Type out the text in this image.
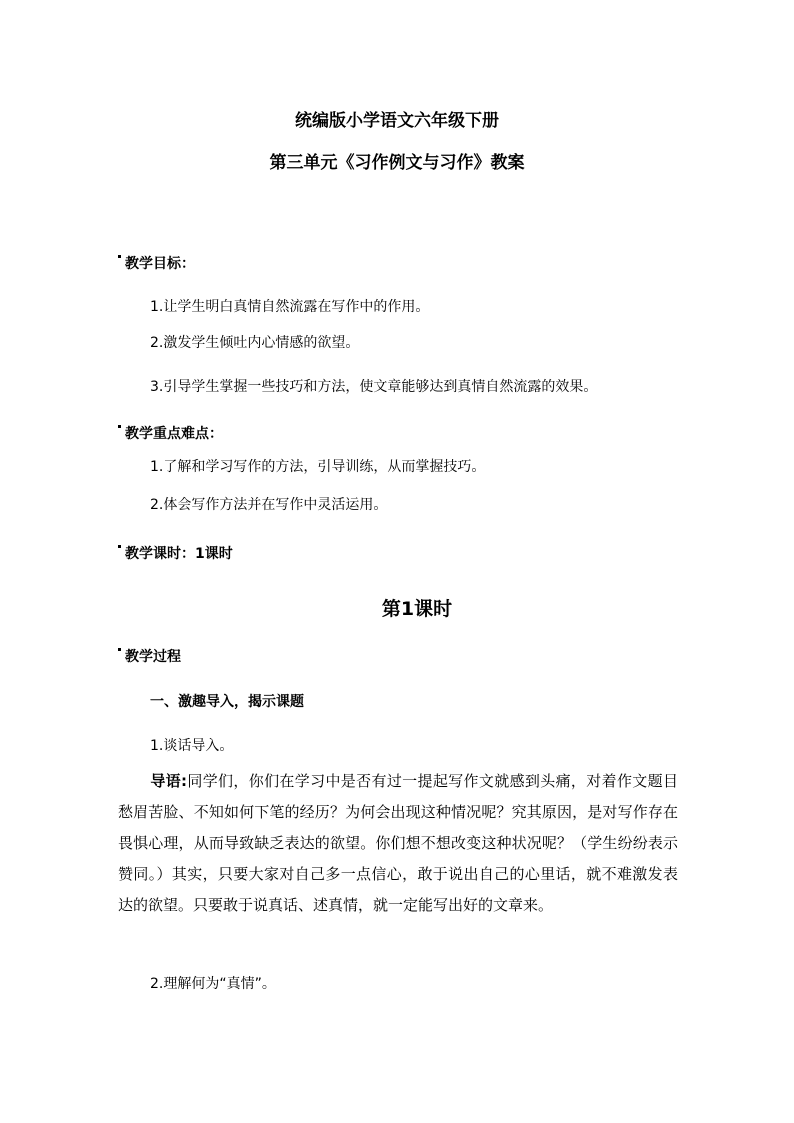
统编版小学语文六年级下册
第三单元《习作例文与习作》教案
教学目标：
1.让学生明白真情自然流露在写作中的作用。
2.激发学生倾吐内心情感的欲望。
3.引导学生掌握一些技巧和方法，使文章能够达到真情自然流露的效果。
教学重点难点：
1.了解和学习写作的方法，引导训练，从而掌握技巧。
2.体会写作方法并在写作中灵活运用。
教学课时：1课时
第1课时
教学过程
一、激趣导入，揭示课题
1.谈话导入。
导语:同学们，你们在学习中是否有过一提起写作文就感到头痛，对着作文题目愁眉苦脸、不知如何下笔的经历？为何会出现这种情况呢？究其原因，是对写作存在畏惧心理，从而导致缺乏表达的欲望。你们想不想改变这种状况呢？（学生纷纷表示赞同。）其实，只要大家对自己多一点信心，敢于说出自己的心里话，就不难激发表达的欲望。只要敢于说真话、述真情，就一定能写出好的文章来。
2.理解何为“真情”。
